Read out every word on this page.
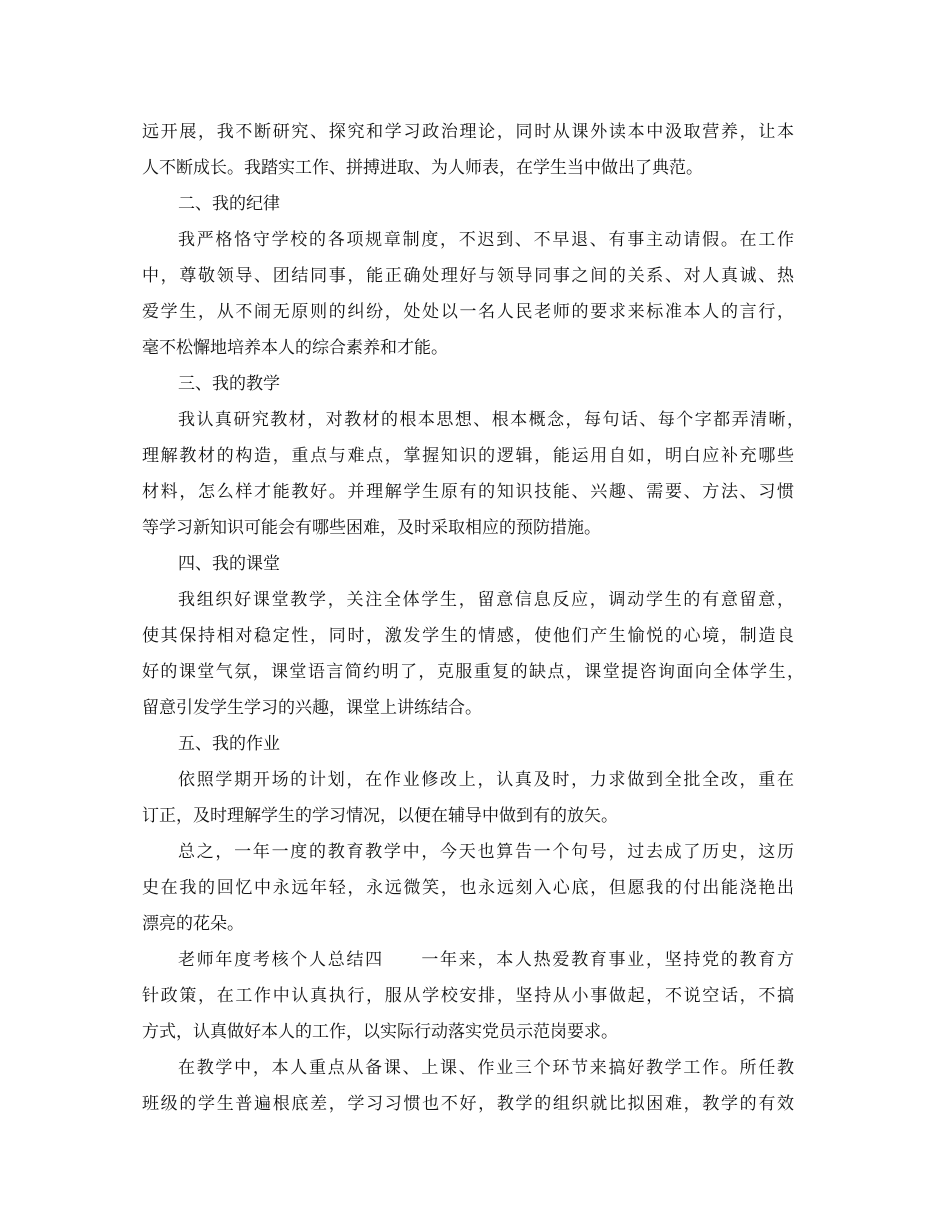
远开展，我不断研究、探究和学习政治理论，同时从课外读本中汲取营养，让本
人不断成长。我踏实工作、拼搏进取、为人师表，在学生当中做出了典范。
二、我的纪律
我严格恪守学校的各项规章制度，不迟到、不早退、有事主动请假。在工作
中，尊敬领导、团结同事，能正确处理好与领导同事之间的关系、对人真诚、热
爱学生，从不闹无原则的纠纷，处处以一名人民老师的要求来标准本人的言行，
毫不松懈地培养本人的综合素养和才能。
三、我的教学
我认真研究教材，对教材的根本思想、根本概念，每句话、每个字都弄清晰，
理解教材的构造，重点与难点，掌握知识的逻辑，能运用自如，明白应补充哪些
材料，怎么样才能教好。并理解学生原有的知识技能、兴趣、需要、方法、习惯
等学习新知识可能会有哪些困难，及时采取相应的预防措施。
四、我的课堂
我组织好课堂教学，关注全体学生，留意信息反应，调动学生的有意留意，
使其保持相对稳定性，同时，激发学生的情感，使他们产生愉悦的心境，制造良
好的课堂气氛，课堂语言简约明了，克服重复的缺点，课堂提咨询面向全体学生，
留意引发学生学习的兴趣，课堂上讲练结合。
五、我的作业
依照学期开场的计划，在作业修改上，认真及时，力求做到全批全改，重在
订正，及时理解学生的学习情况，以便在辅导中做到有的放矢。
总之，一年一度的教育教学中，今天也算告一个句号，过去成了历史，这历
史在我的回忆中永远年轻，永远微笑，也永远刻入心底，但愿我的付出能浇艳出
漂亮的花朵。
老师年度考核个人总结四　　一年来，本人热爱教育事业，坚持党的教育方
针政策，在工作中认真执行，服从学校安排，坚持从小事做起，不说空话，不搞
方式，认真做好本人的工作，以实际行动落实党员示范岗要求。
在教学中，本人重点从备课、上课、作业三个环节来搞好教学工作。所任教
班级的学生普遍根底差，学习习惯也不好，教学的组织就比拟困难，教学的有效
